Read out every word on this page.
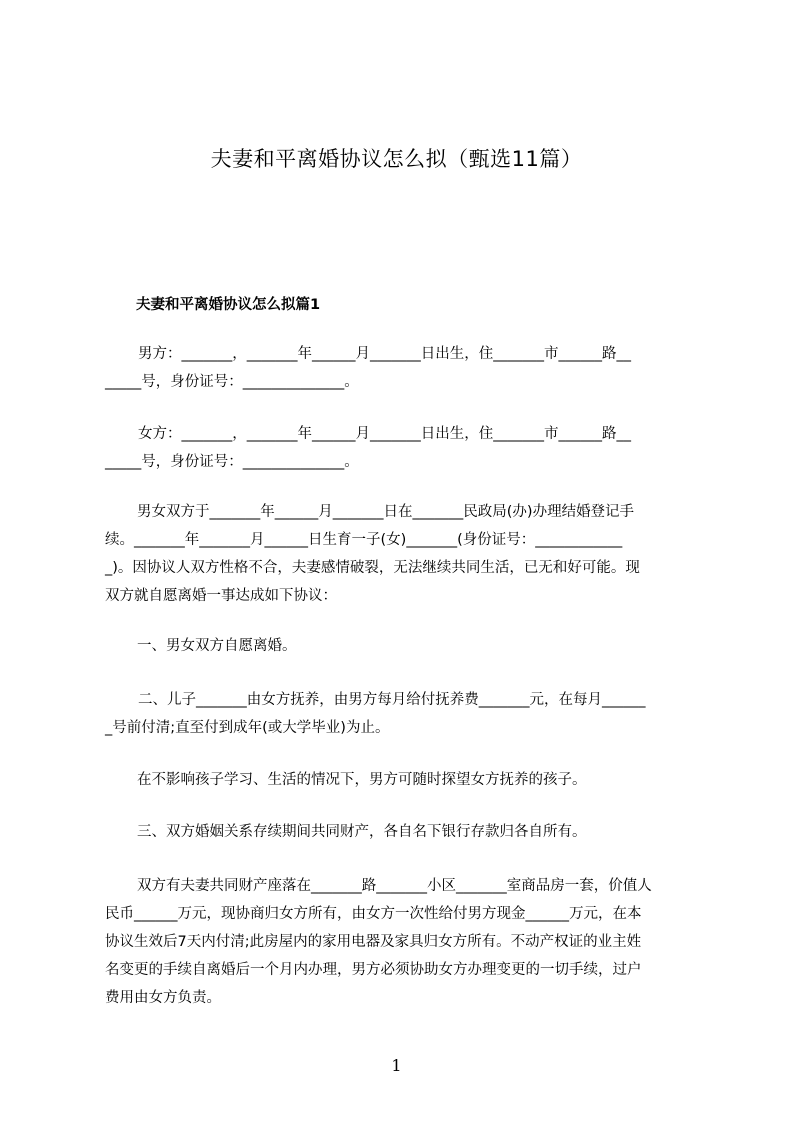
夫妻和平离婚协议怎么拟（甄选11篇）
夫妻和平离婚协议怎么拟篇1
男方：_______，_______年______月_______日出生，住_______市______路__
_____号，身份证号：______________。
女方：_______，_______年______月_______日出生，住_______市______路__
_____号，身份证号：______________。
男女双方于_______年______月_______日在_______民政局(办)办理结婚登记手
续。_______年_______月______日生育一子(女)_______(身份证号：____________
_)。因协议人双方性格不合，夫妻感情破裂，无法继续共同生活，已无和好可能。现
双方就自愿离婚一事达成如下协议：
一、男女双方自愿离婚。
二、儿子_______由女方抚养，由男方每月给付抚养费_______元，在每月______
_号前付清;直至付到成年(或大学毕业)为止。
在不影响孩子学习、生活的情况下，男方可随时探望女方抚养的孩子。
三、双方婚姻关系存续期间共同财产，各自名下银行存款归各自所有。
双方有夫妻共同财产座落在_______路_______小区_______室商品房一套，价值人
民币______万元，现协商归女方所有，由女方一次性给付男方现金______万元，在本
协议生效后7天内付清;此房屋内的家用电器及家具归女方所有。不动产权证的业主姓
名变更的手续自离婚后一个月内办理，男方必须协助女方办理变更的一切手续，过户
费用由女方负责。
1
